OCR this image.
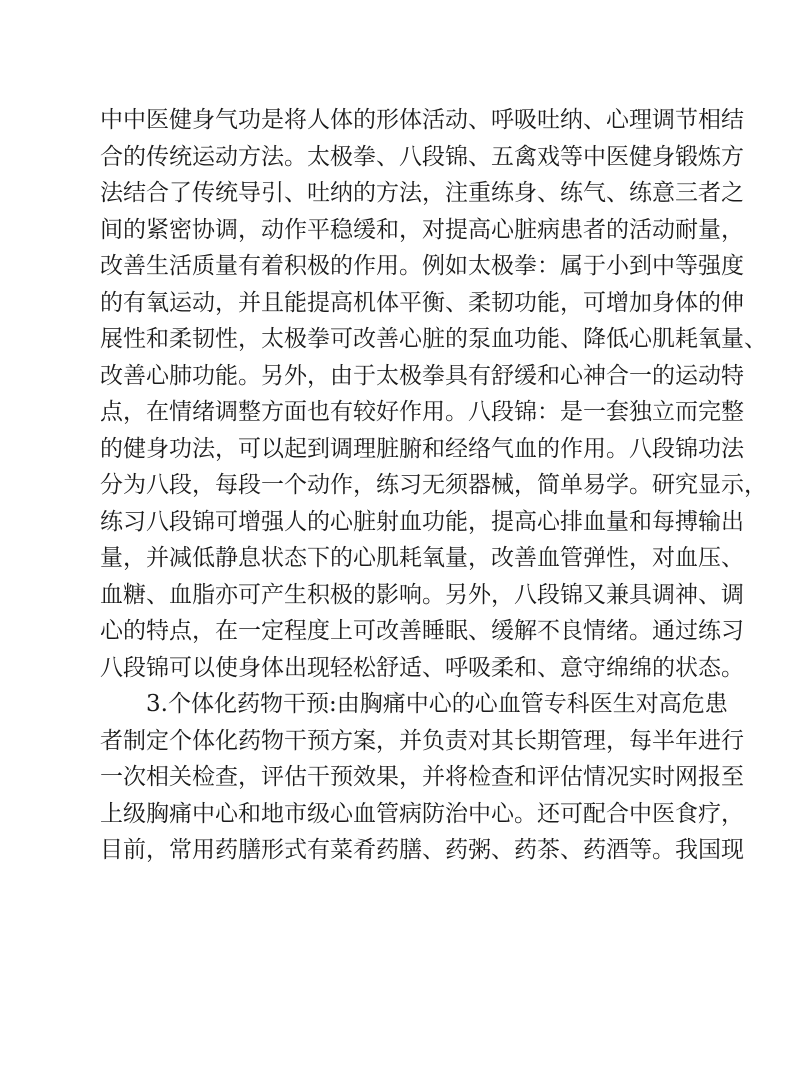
中中医健身气功是将人体的形体活动、呼吸吐纳、心理调节相结
合的传统运动方法。太极拳、八段锦、五禽戏等中医健身锻炼方
法结合了传统导引、吐纳的方法，注重练身、练气、练意三者之
间的紧密协调，动作平稳缓和，对提高心脏病患者的活动耐量，
改善生活质量有着积极的作用。例如太极拳：属于小到中等强度
的有氧运动，并且能提高机体平衡、柔韧功能，可增加身体的伸
展性和柔韧性，太极拳可改善心脏的泵血功能、降低心肌耗氧量、
改善心肺功能。另外，由于太极拳具有舒缓和心神合一的运动特
点，在情绪调整方面也有较好作用。八段锦：是一套独立而完整
的健身功法，可以起到调理脏腑和经络气血的作用。八段锦功法
分为八段，每段一个动作，练习无须器械，简单易学。研究显示，
练习八段锦可增强人的心脏射血功能，提高心排血量和每搏输出
量，并减低静息状态下的心肌耗氧量，改善血管弹性，对血压、
血糖、血脂亦可产生积极的影响。另外，八段锦又兼具调神、调
心的特点，在一定程度上可改善睡眠、缓解不良情绪。通过练习
八段锦可以使身体出现轻松舒适、呼吸柔和、意守绵绵的状态。
3.个体化药物干预:由胸痛中心的心血管专科医生对高危患
者制定个体化药物干预方案，并负责对其长期管理，每半年进行
一次相关检查，评估干预效果，并将检查和评估情况实时网报至
上级胸痛中心和地市级心血管病防治中心。还可配合中医食疗，
目前，常用药膳形式有菜肴药膳、药粥、药茶、药酒等。我国现
